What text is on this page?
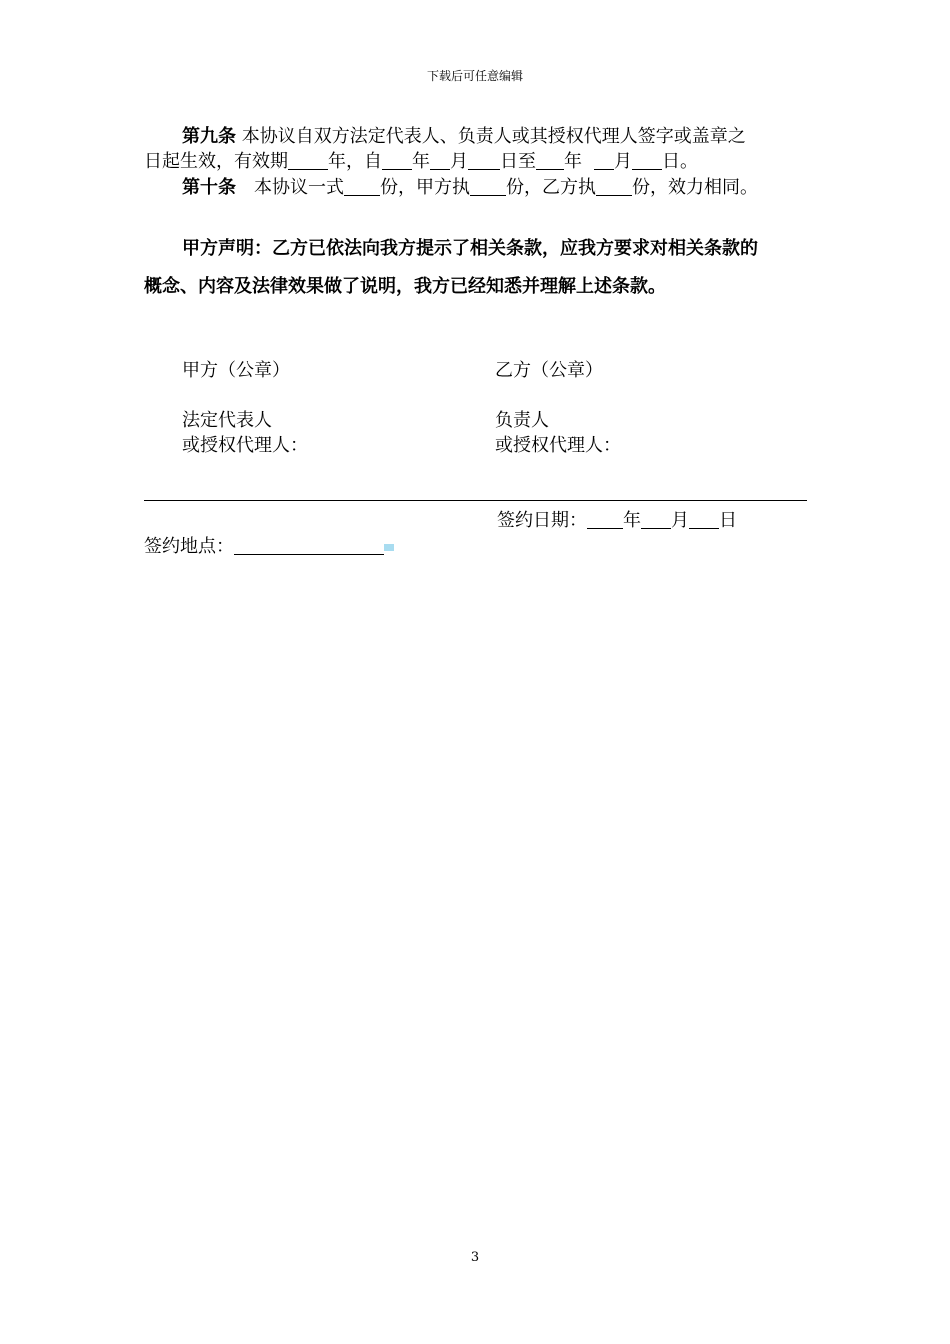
下载后可任意编辑
第九条 本协议自双方法定代表人、负责人或其授权代理人签字或盖章之
日起生效，有效期 年，自 年 月 日至 年 月 日。
第十条 本协议一式 份，甲方执 份，乙方执 份，效力相同。
甲方声明：乙方已依法向我方提示了相关条款，应我方要求对相关条款的
概念、内容及法律效果做了说明，我方已经知悉并理解上述条款。
甲方（公章）	乙方（公章）
法定代表人
或授权代理人：
负责人
或授权代理人：
签约日期： 年 月 日
签约地点：
3
